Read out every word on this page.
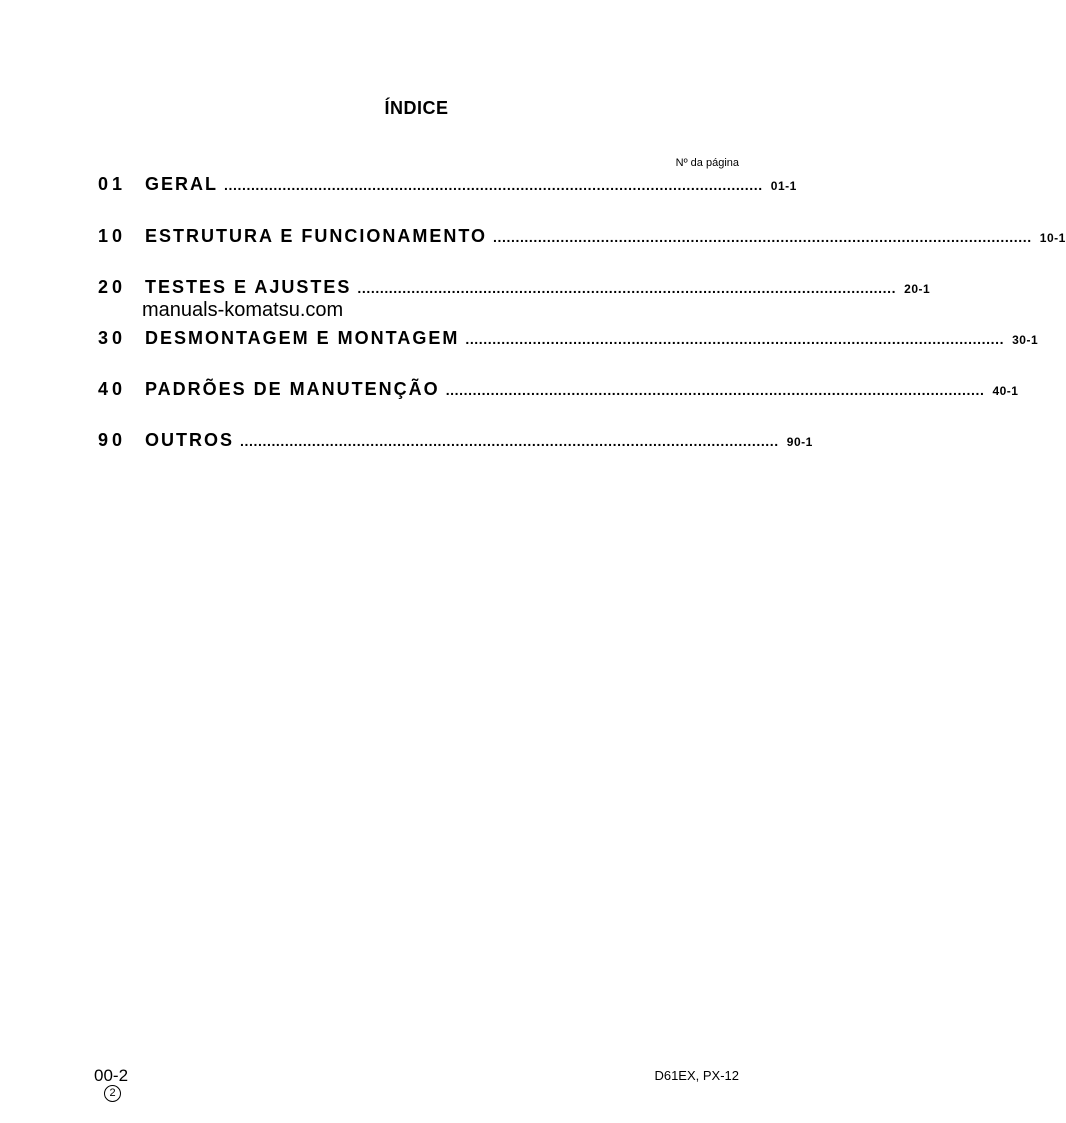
ÍNDICE
Nº da página
01	GERAL ........................................................................................................................ 01-1
10	ESTRUTURA E FUNCIONAMENTO ........................................................................................................................ 10-1
20	TESTES E AJUSTES ........................................................................................................................ 20-1
30	DESMONTAGEM E MONTAGEM ........................................................................................................................ 30-1
40	PADRÕES DE MANUTENÇÃO ........................................................................................................................ 40-1
90	OUTROS ........................................................................................................................ 90-1
manuals-komatsu.com
00-2
2
D61EX, PX-12
